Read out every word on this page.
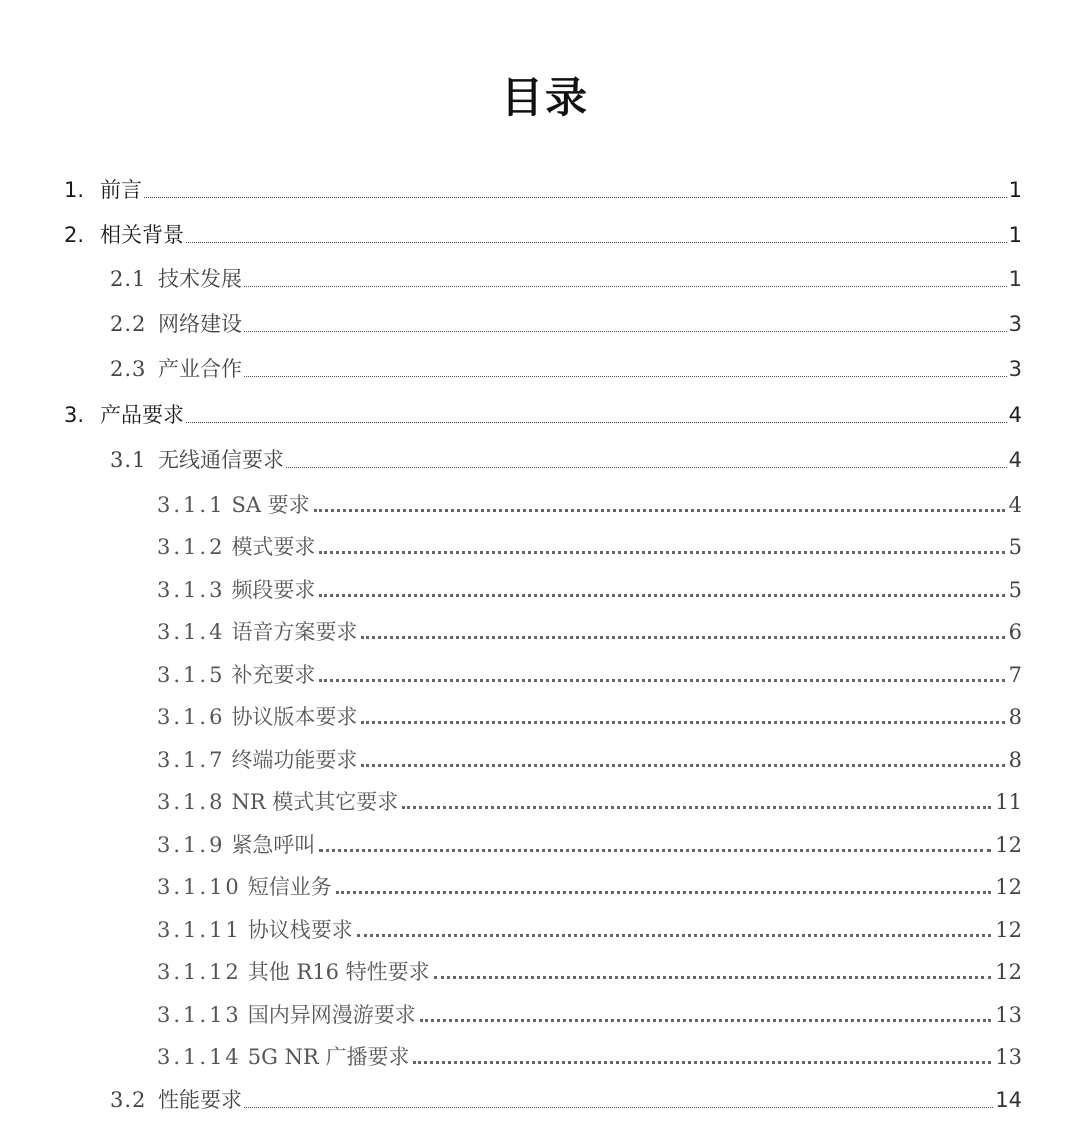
目录
1. 前言	1
2. 相关背景	1
2.1 技术发展	1
2.2 网络建设	3
2.3 产业合作	3
3. 产品要求	4
3.1 无线通信要求	4
3.1.1 SA 要求	4
3.1.2 模式要求	5
3.1.3 频段要求	5
3.1.4 语音方案要求	6
3.1.5 补充要求	7
3.1.6 协议版本要求	8
3.1.7 终端功能要求	8
3.1.8 NR 模式其它要求	11
3.1.9 紧急呼叫	12
3.1.10 短信业务	12
3.1.11 协议栈要求	12
3.1.12 其他 R16 特性要求	12
3.1.13 国内异网漫游要求	13
3.1.14 5G NR 广播要求	13
3.2 性能要求	14
